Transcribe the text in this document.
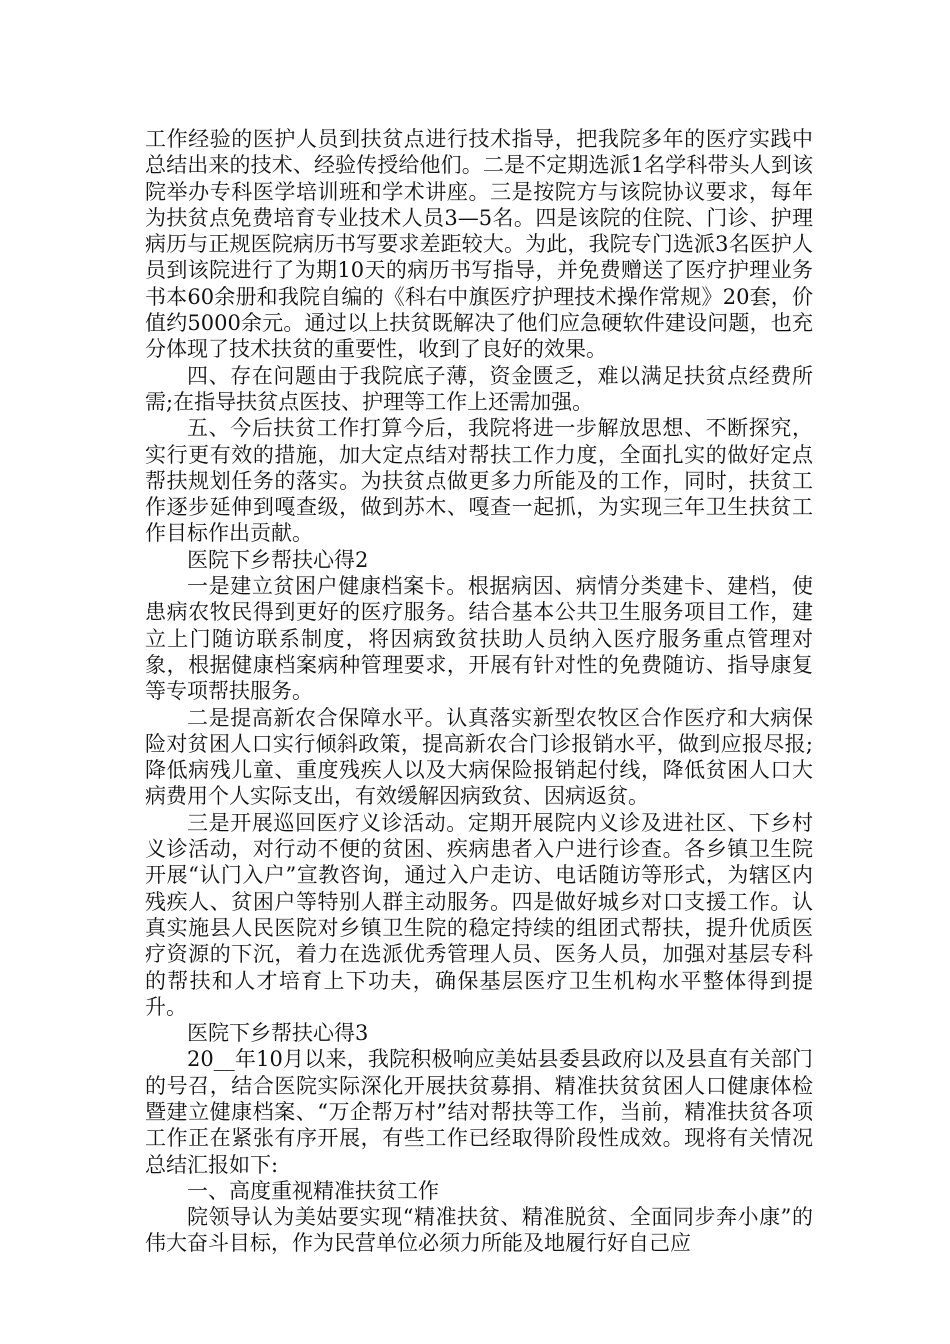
工作经验的医护人员到扶贫点进行技术指导，把我院多年的医疗实践中总结出来的技术、经验传授给他们。二是不定期选派1名学科带头人到该院举办专科医学培训班和学术讲座。三是按院方与该院协议要求，每年为扶贫点免费培育专业技术人员3—5名。四是该院的住院、门诊、护理病历与正规医院病历书写要求差距较大。为此，我院专门选派3名医护人员到该院进行了为期10天的病历书写指导，并免费赠送了医疗护理业务书本60余册和我院自编的《科右中旗医疗护理技术操作常规》20套，价值约5000余元。通过以上扶贫既解决了他们应急硬软件建设问题，也充分体现了技术扶贫的重要性，收到了良好的效果。

四、存在问题由于我院底子薄，资金匮乏，难以满足扶贫点经费所需;在指导扶贫点医技、护理等工作上还需加强。

五、今后扶贫工作打算今后，我院将进一步解放思想、不断探究，实行更有效的措施，加大定点结对帮扶工作力度，全面扎实的做好定点帮扶规划任务的落实。为扶贫点做更多力所能及的工作，同时，扶贫工作逐步延伸到嘎查级，做到苏木、嘎查一起抓，为实现三年卫生扶贫工作目标作出贡献。

医院下乡帮扶心得2

一是建立贫困户健康档案卡。根据病因、病情分类建卡、建档，使患病农牧民得到更好的医疗服务。结合基本公共卫生服务项目工作，建立上门随访联系制度，将因病致贫扶助人员纳入医疗服务重点管理对象，根据健康档案病种管理要求，开展有针对性的免费随访、指导康复等专项帮扶服务。

二是提高新农合保障水平。认真落实新型农牧区合作医疗和大病保险对贫困人口实行倾斜政策，提高新农合门诊报销水平，做到应报尽报;降低病残儿童、重度残疾人以及大病保险报销起付线，降低贫困人口大病费用个人实际支出，有效缓解因病致贫、因病返贫。

三是开展巡回医疗义诊活动。定期开展院内义诊及进社区、下乡村义诊活动，对行动不便的贫困、疾病患者入户进行诊查。各乡镇卫生院开展“认门入户”宣教咨询，通过入户走访、电话随访等形式，为辖区内残疾人、贫困户等特别人群主动服务。四是做好城乡对口支援工作。认真实施县人民医院对乡镇卫生院的稳定持续的组团式帮扶，提升优质医疗资源的下沉，着力在选派优秀管理人员、医务人员，加强对基层专科的帮扶和人才培育上下功夫，确保基层医疗卫生机构水平整体得到提升。

医院下乡帮扶心得3

20__年10月以来，我院积极响应美姑县委县政府以及县直有关部门的号召，结合医院实际深化开展扶贫募捐、精准扶贫贫困人口健康体检暨建立健康档案、“万企帮万村”结对帮扶等工作，当前，精准扶贫各项工作正在紧张有序开展，有些工作已经取得阶段性成效。现将有关情况总结汇报如下:

一、高度重视精准扶贫工作

院领导认为美姑要实现“精准扶贫、精准脱贫、全面同步奔小康”的伟大奋斗目标，作为民营单位必须力所能及地履行好自己应
